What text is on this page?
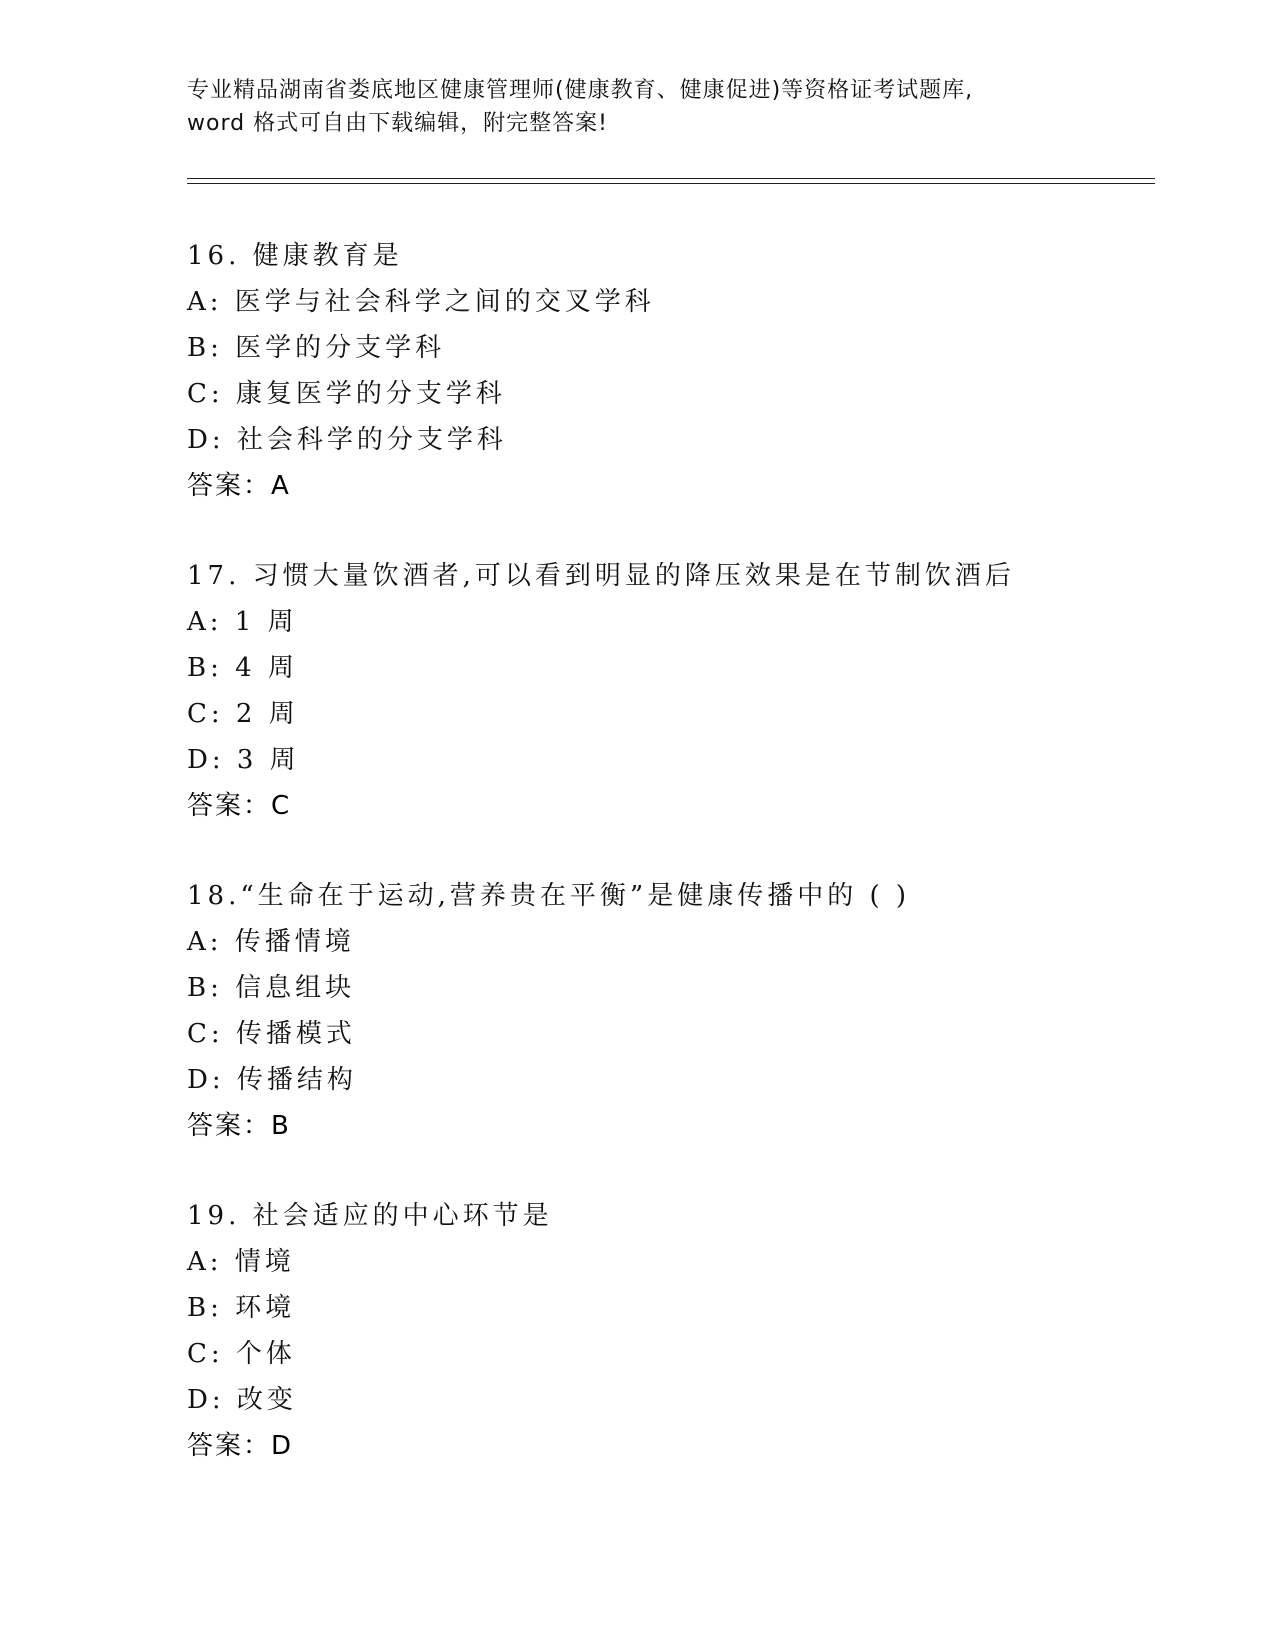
专业精品湖南省娄底地区健康管理师(健康教育、健康促进)等资格证考试题库,
word 格式可自由下载编辑，附完整答案!
16. 健康教育是
A: 医学与社会科学之间的交叉学科
B: 医学的分支学科
C: 康复医学的分支学科
D: 社会科学的分支学科
答案：A
17. 习惯大量饮酒者,可以看到明显的降压效果是在节制饮酒后
A: 1 周
B: 4 周
C: 2 周
D: 3 周
答案：C
18.“生命在于运动,营养贵在平衡”是健康传播中的 ( )
A: 传播情境
B: 信息组块
C: 传播模式
D: 传播结构
答案：B
19. 社会适应的中心环节是
A: 情境
B: 环境
C: 个体
D: 改变
答案：D
